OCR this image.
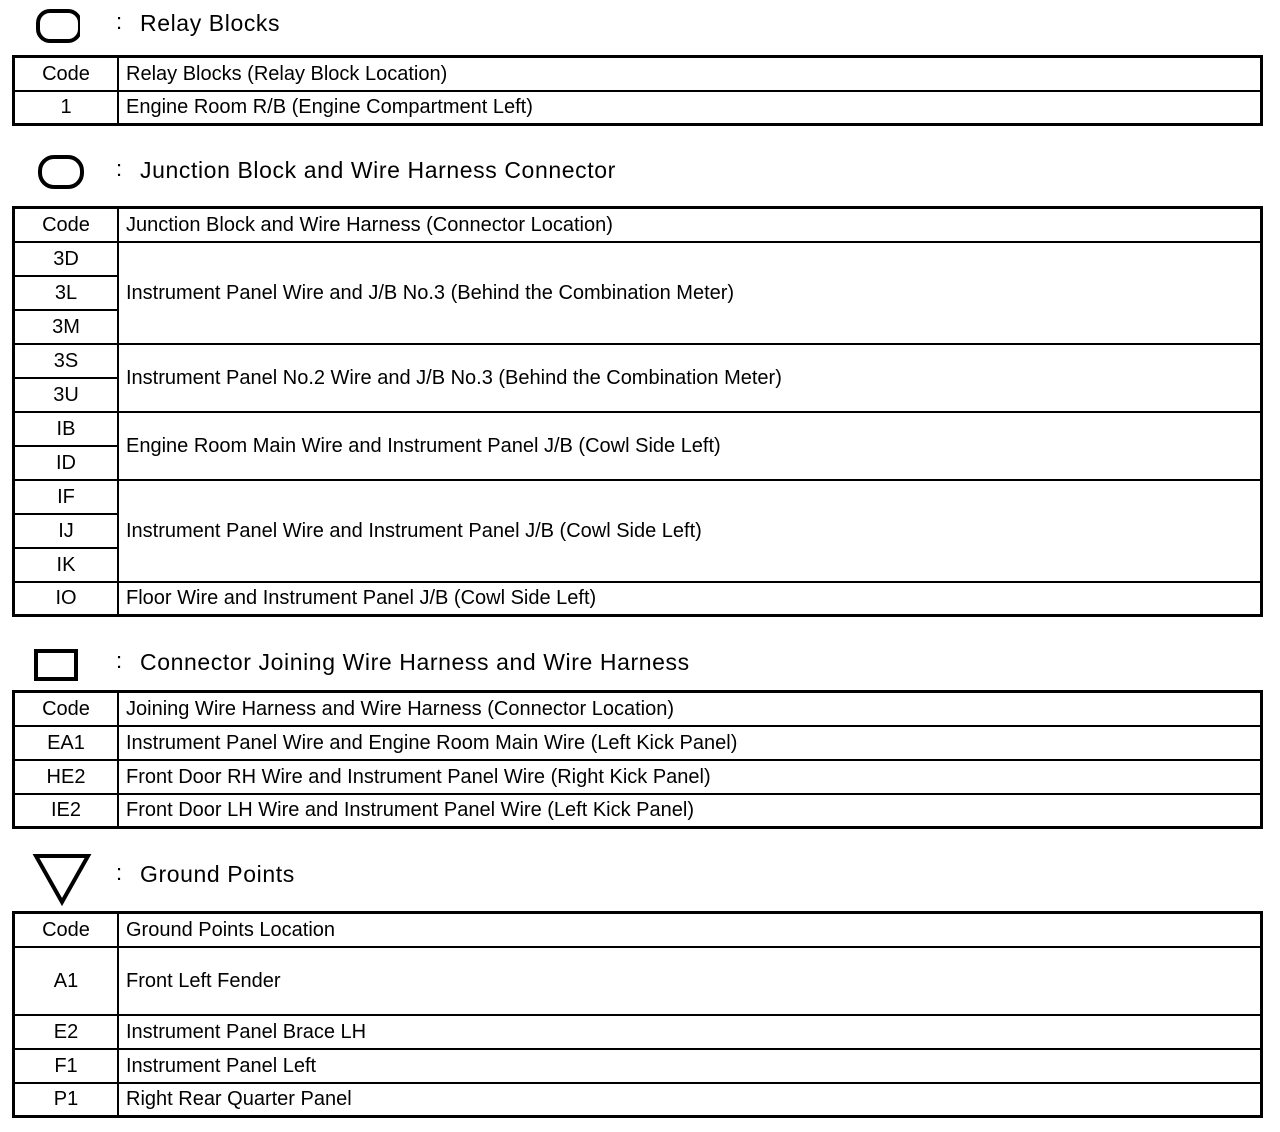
: Relay Blocks
Code	Relay Blocks (Relay Block Location)
1	Engine Room R/B (Engine Compartment Left)
: Junction Block and Wire Harness Connector
Code	Junction Block and Wire Harness (Connector Location)
3D	Instrument Panel Wire and J/B No.3 (Behind the Combination Meter)
3L	
3M	
3S	Instrument Panel No.2 Wire and J/B No.3 (Behind the Combination Meter)
3U	
IB	Engine Room Main Wire and Instrument Panel J/B (Cowl Side Left)
ID	
IF	Instrument Panel Wire and Instrument Panel J/B (Cowl Side Left)
IJ	
IK	
IO	Floor Wire and Instrument Panel J/B (Cowl Side Left)
: Connector Joining Wire Harness and Wire Harness
Code	Joining Wire Harness and Wire Harness (Connector Location)
EA1	Instrument Panel Wire and Engine Room Main Wire (Left Kick Panel)
HE2	Front Door RH Wire and Instrument Panel Wire (Right Kick Panel)
IE2	Front Door LH Wire and Instrument Panel Wire (Left Kick Panel)
: Ground Points
Code	Ground Points Location
A1	Front Left Fender
E2	Instrument Panel Brace LH
F1	Instrument Panel Left
P1	Right Rear Quarter Panel
